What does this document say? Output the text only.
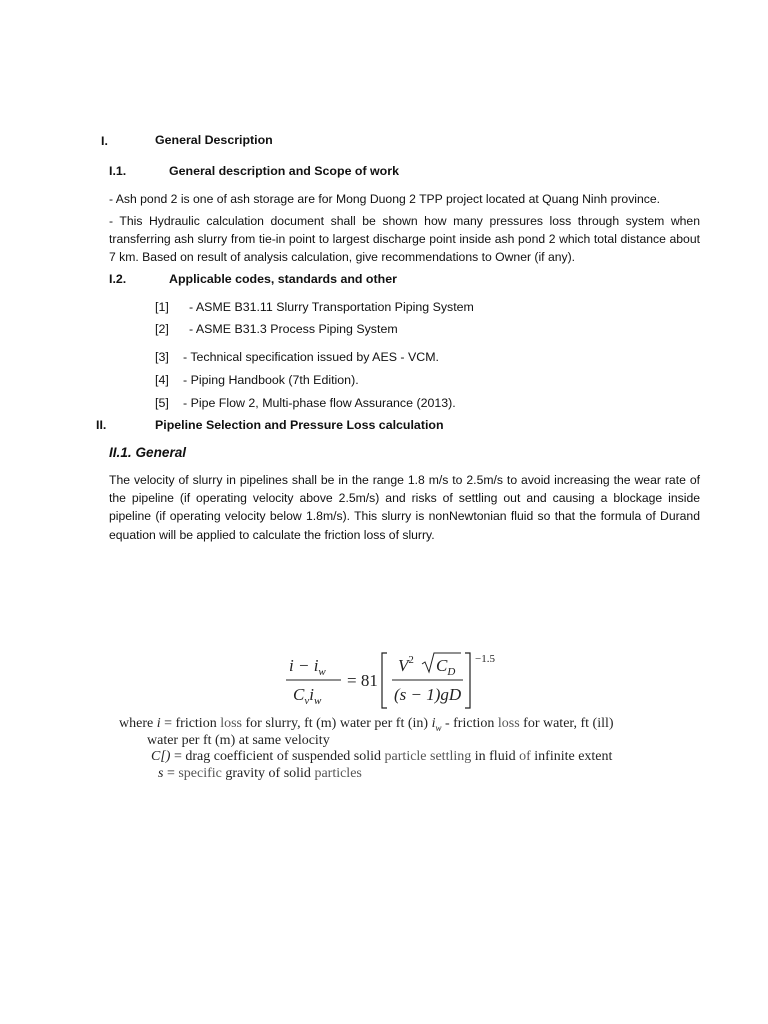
I.	General Description
I.1.	General description and Scope of work
- Ash pond 2 is one of ash storage are for Mong Duong 2 TPP project located at Quang Ninh province.
- This Hydraulic calculation document shall be shown how many pressures loss through system when transferring ash slurry from tie-in point to largest discharge point inside ash pond 2 which total distance about 7 km. Based on result of analysis calculation, give recommendations to Owner (if any).
I.2.	Applicable codes, standards and other
[1] - ASME B31.11 Slurry Transportation Piping System
[2] - ASME B31.3 Process Piping System
[3] - Technical specification issued by AES - VCM.
[4] - Piping Handbook (7th Edition).
[5] - Pipe Flow 2, Multi-phase flow Assurance (2013).
II.	Pipeline Selection and Pressure Loss calculation
II.1. General
The velocity of slurry in pipelines shall be in the range 1.8 m/s to 2.5m/s to avoid increasing the wear rate of the pipeline (if operating velocity above 2.5m/s) and risks of settling out and causing a blockage inside pipeline (if operating velocity below 1.8m/s). This slurry is nonNewtonian fluid so that the formula of Durand equation will be applied to calculate the friction loss of slurry.
$i - i_w$
$C_vi_w$
= 81
$V^2$ $C_D$
(s − 1)gD
−1.5
where i = friction loss for slurry, ft (m) water per ft (in) $i_w$ - friction loss for water, ft (ill)
water per ft (m) at same velocity
C[) = drag coefficient of suspended solid particle settling in fluid of infinite extent
s = specific gravity of solid particles
